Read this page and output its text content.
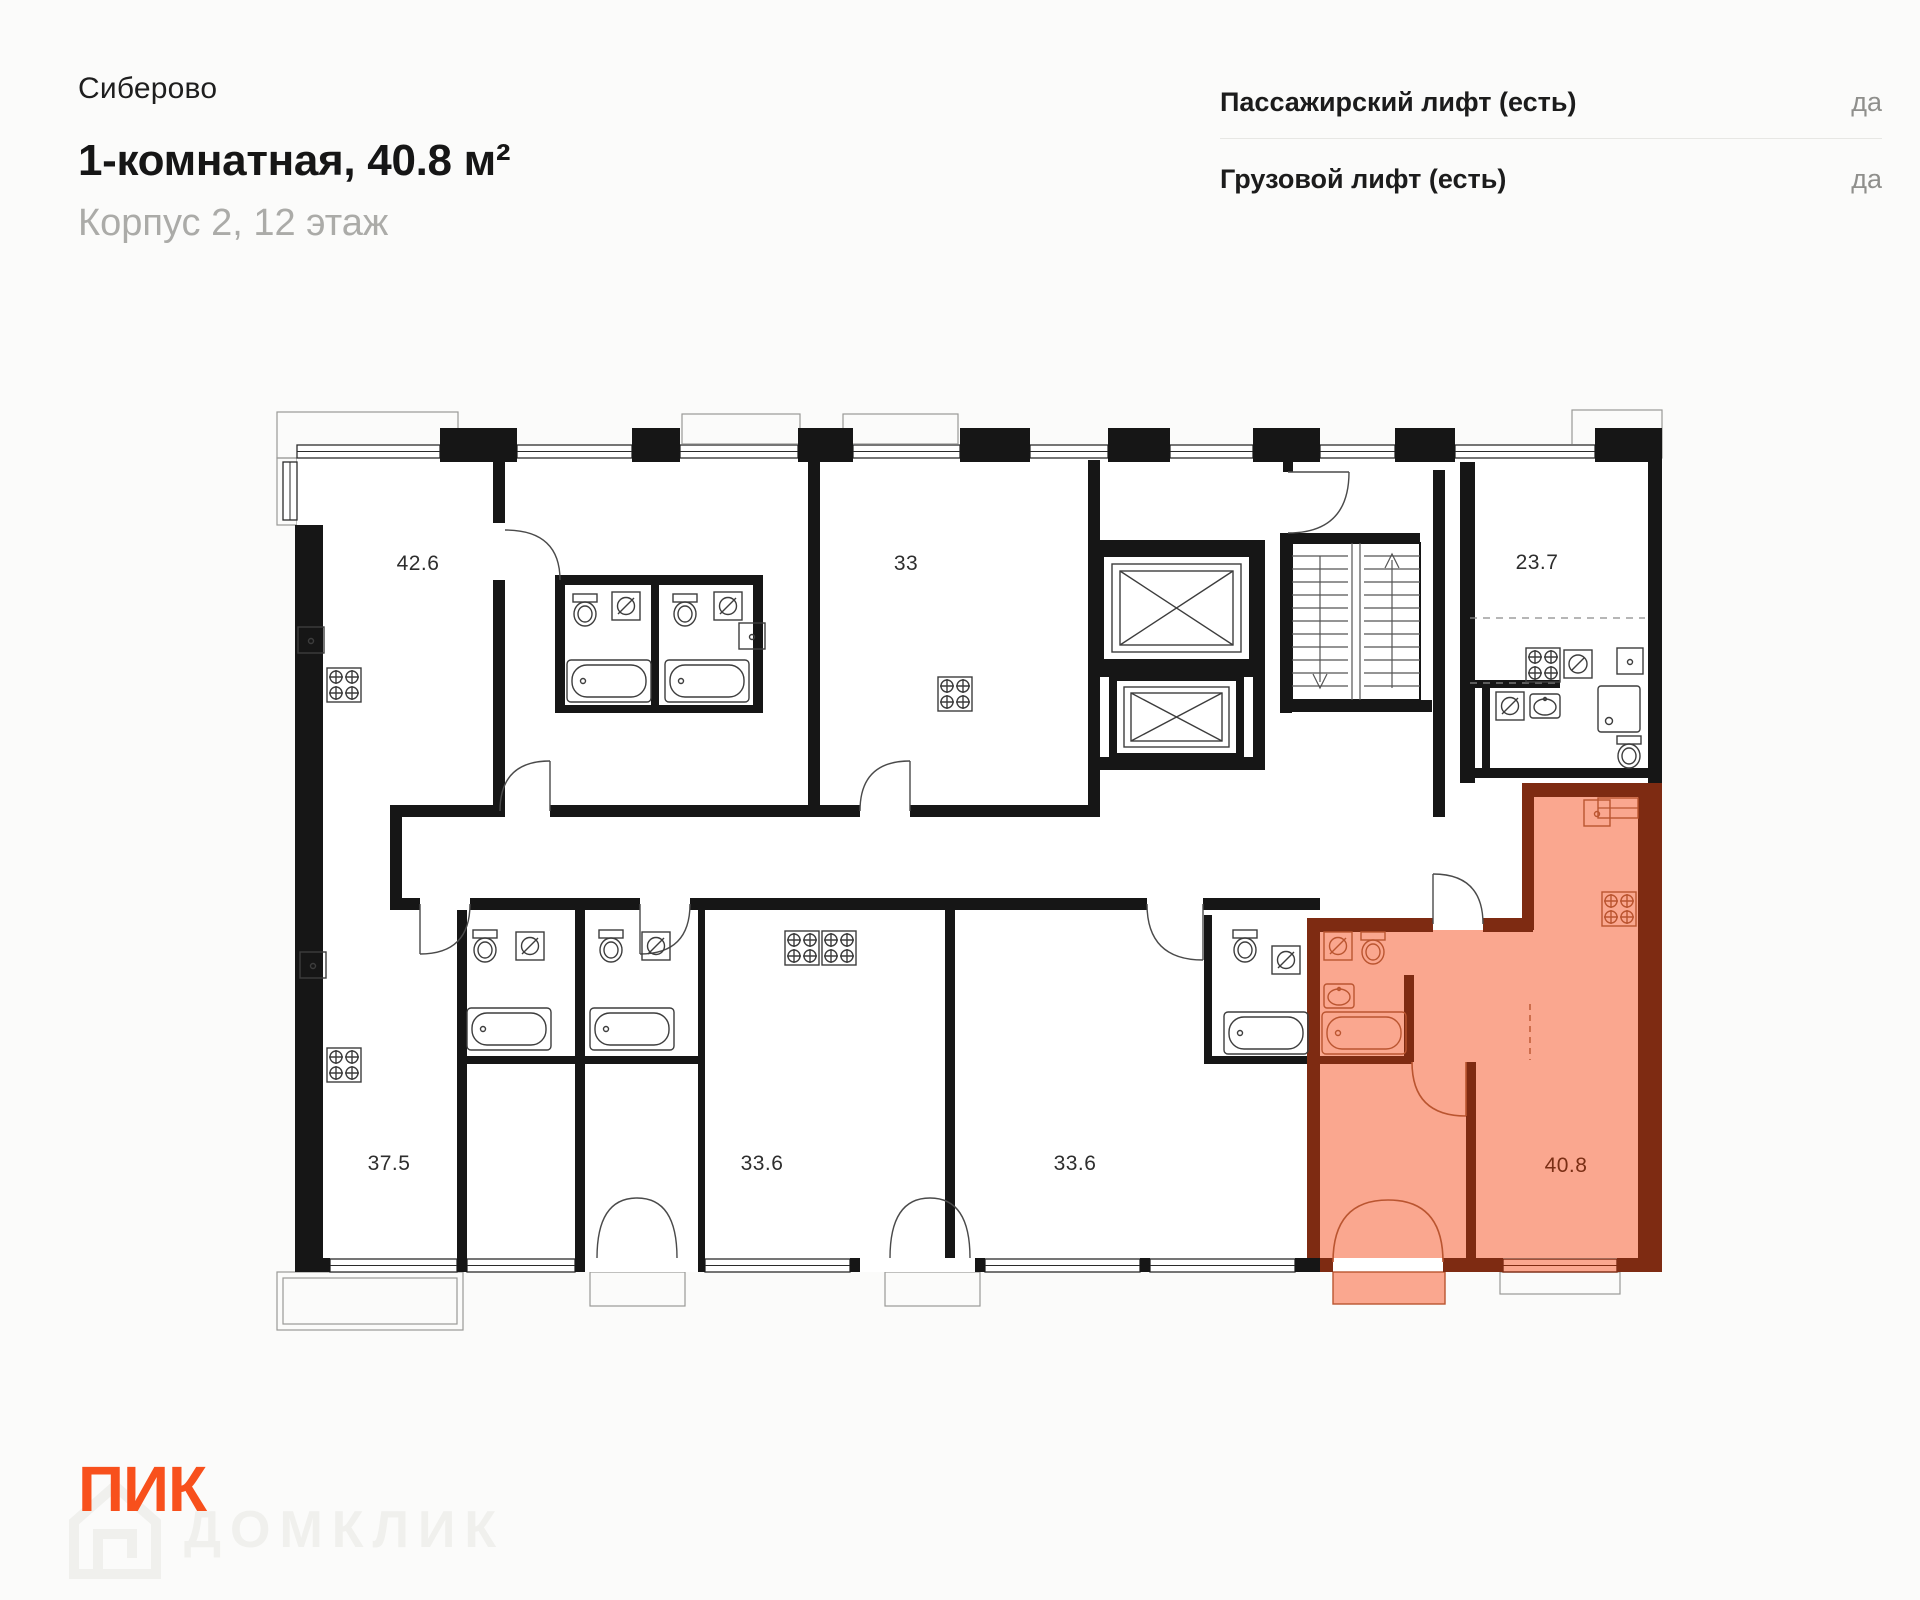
Сиберово
1-комнатная, 40.8 м²
Корпус 2, 12 этаж
Пассажирский лифт (есть)	да
Грузовой лифт (есть)	да
42.6	33	23.7
37.5	33.6	33.6	40.8
ДОМКЛИК
ПИК
